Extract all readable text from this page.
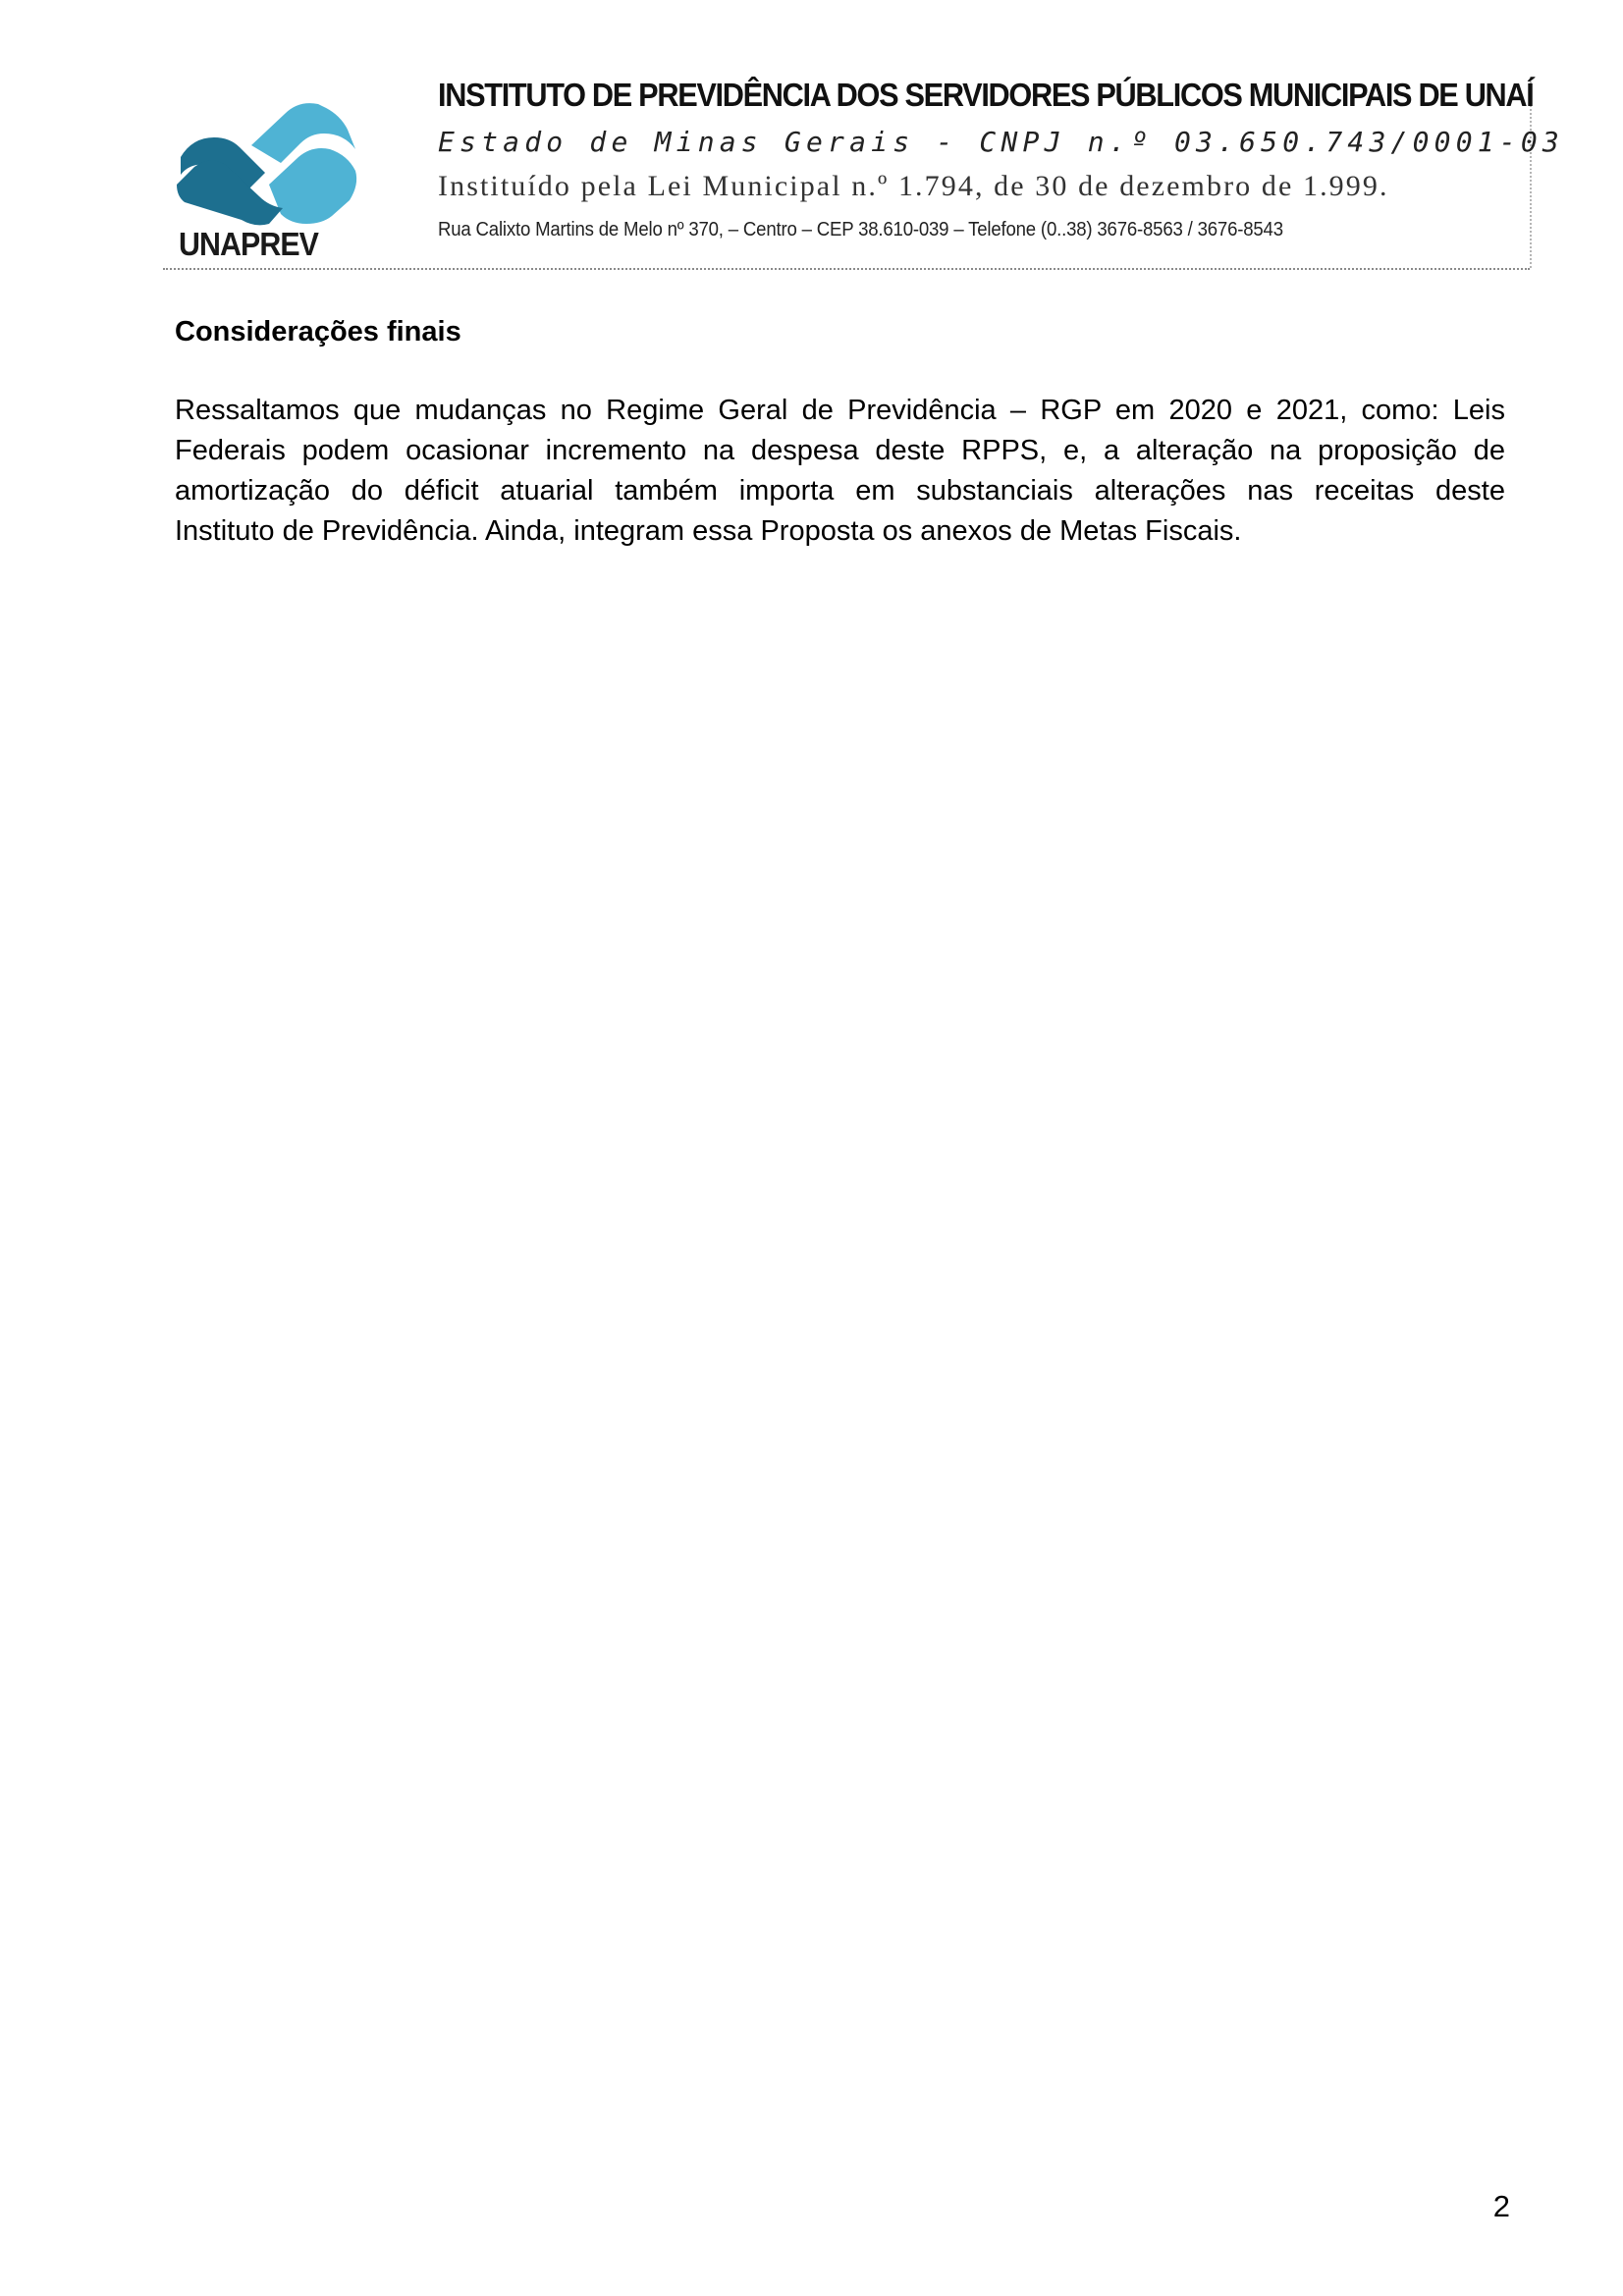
UNAPREV
INSTITUTO DE PREVIDÊNCIA DOS SERVIDORES PÚBLICOS MUNICIPAIS DE UNAÍ
Estado de Minas Gerais - CNPJ n.º 03.650.743/0001-03
Instituído pela Lei Municipal n.º 1.794, de 30 de dezembro de 1.999.
Rua Calixto Martins de Melo nº 370, – Centro – CEP 38.610-039 – Telefone (0..38) 3676-8563 / 3676-8543
Considerações finais
Ressaltamos que mudanças no Regime Geral de Previdência – RGP em 2020 e 2021, como: Leis
Federais podem ocasionar incremento na despesa deste RPPS, e, a alteração na proposição de
amortização do déficit atuarial também importa em substanciais alterações nas receitas deste
Instituto de Previdência. Ainda, integram essa Proposta os anexos de Metas Fiscais.
2
